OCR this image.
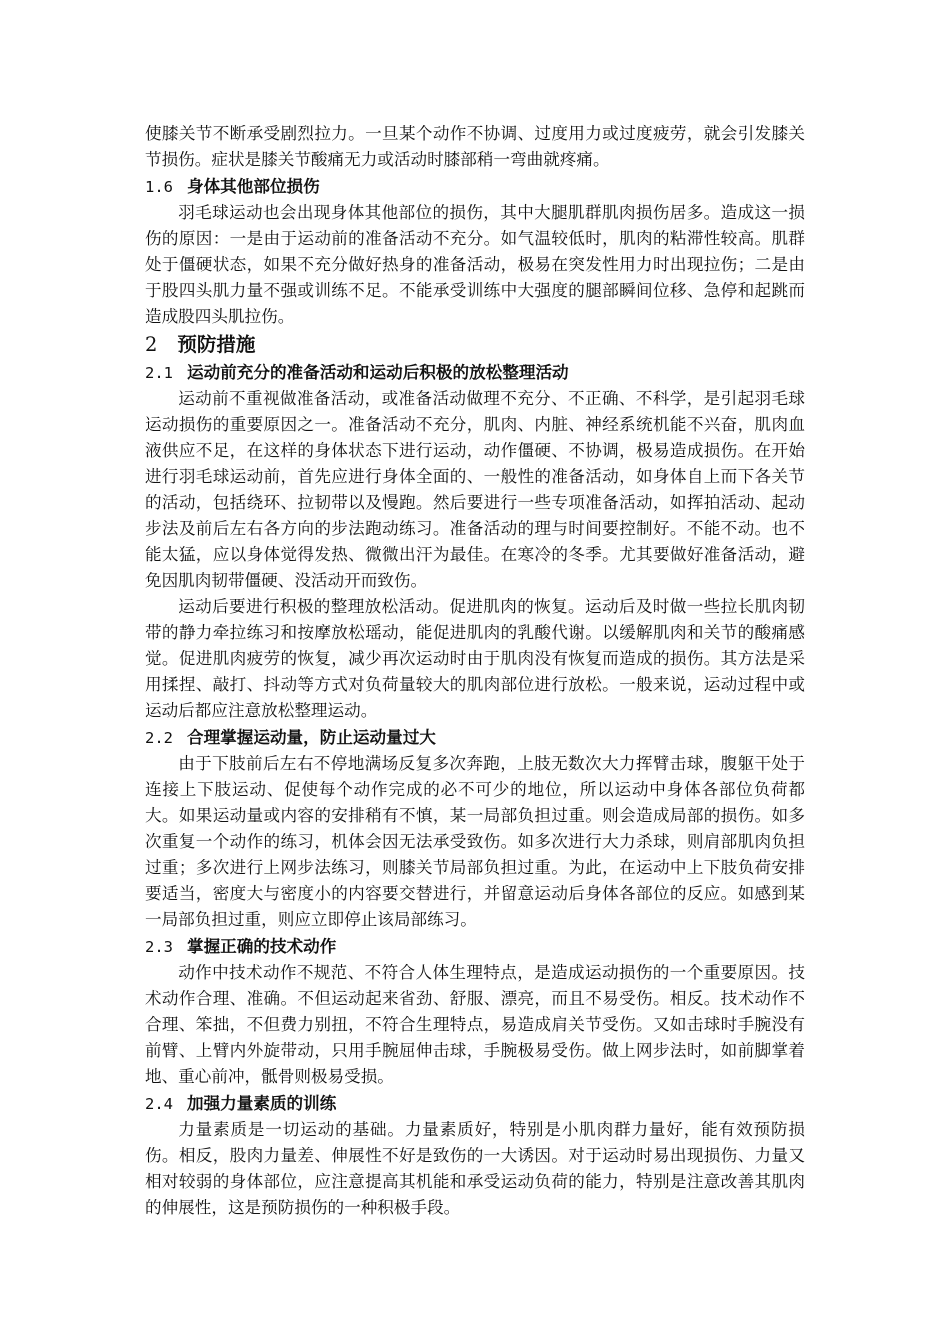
使膝关节不断承受剧烈拉力。一旦某个动作不协调、过度用力或过度疲劳，就会引发膝关节损伤。症状是膝关节酸痛无力或活动时膝部稍一弯曲就疼痛。

1.6 身体其他部位损伤

羽毛球运动也会出现身体其他部位的损伤，其中大腿肌群肌肉损伤居多。造成这一损伤的原因：一是由于运动前的准备活动不充分。如气温较低时，肌肉的粘滞性较高。肌群处于僵硬状态，如果不充分做好热身的准备活动，极易在突发性用力时出现拉伤；二是由于股四头肌力量不强或训练不足。不能承受训练中大强度的腿部瞬间位移、急停和起跳而造成股四头肌拉伤。

2 预防措施
2.1 运动前充分的准备活动和运动后积极的放松整理活动

运动前不重视做准备活动，或准备活动做理不充分、不正确、不科学，是引起羽毛球运动损伤的重要原因之一。准备活动不充分，肌肉、内脏、神经系统机能不兴奋，肌肉血液供应不足，在这样的身体状态下进行运动，动作僵硬、不协调，极易造成损伤。在开始进行羽毛球运动前，首先应进行身体全面的、一般性的准备活动，如身体自上而下各关节的活动，包括绕环、拉韧带以及慢跑。然后要进行一些专项准备活动，如挥拍活动、起动步法及前后左右各方向的步法跑动练习。准备活动的理与时间要控制好。不能不动。也不能太猛，应以身体觉得发热、微微出汗为最佳。在寒冷的冬季。尤其要做好准备活动，避免因肌肉韧带僵硬、没活动开而致伤。

运动后要进行积极的整理放松活动。促进肌肉的恢复。运动后及时做一些拉长肌肉韧带的静力牵拉练习和按摩放松瑶动，能促进肌肉的乳酸代谢。以缓解肌肉和关节的酸痛感觉。促进肌肉疲劳的恢复，减少再次运动时由于肌肉没有恢复而造成的损伤。其方法是采用揉捏、敲打、抖动等方式对负荷量较大的肌肉部位进行放松。一般来说，运动过程中或运动后都应注意放松整理运动。

2.2 合理掌握运动量，防止运动量过大

由于下肢前后左右不停地满场反复多次奔跑，上肢无数次大力挥臂击球，腹躯干处于连接上下肢运动、促使每个动作完成的必不可少的地位，所以运动中身体各部位负荷都大。如果运动量或内容的安排稍有不慎，某一局部负担过重。则会造成局部的损伤。如多次重复一个动作的练习，机体会因无法承受致伤。如多次进行大力杀球，则肩部肌肉负担过重；多次进行上网步法练习，则膝关节局部负担过重。为此，在运动中上下肢负荷安排要适当，密度大与密度小的内容要交替进行，并留意运动后身体各部位的反应。如感到某一局部负担过重，则应立即停止该局部练习。

2.3 掌握正确的技术动作

动作中技术动作不规范、不符合人体生理特点，是造成运动损伤的一个重要原因。技术动作合理、准确。不但运动起来省劲、舒服、漂亮，而且不易受伤。相反。技术动作不合理、笨拙，不但费力别扭，不符合生理特点，易造成肩关节受伤。又如击球时手腕没有前臂、上臂内外旋带动，只用手腕屈伸击球，手腕极易受伤。做上网步法时，如前脚掌着地、重心前冲，骶骨则极易受损。

2.4 加强力量素质的训练

力量素质是一切运动的基础。力量素质好，特别是小肌肉群力量好，能有效预防损伤。相反，股肉力量差、伸展性不好是致伤的一大诱因。对于运动时易出现损伤、力量又相对较弱的身体部位，应注意提高其机能和承受运动负荷的能力，特别是注意改善其肌肉的伸展性，这是预防损伤的一种积极手段。
